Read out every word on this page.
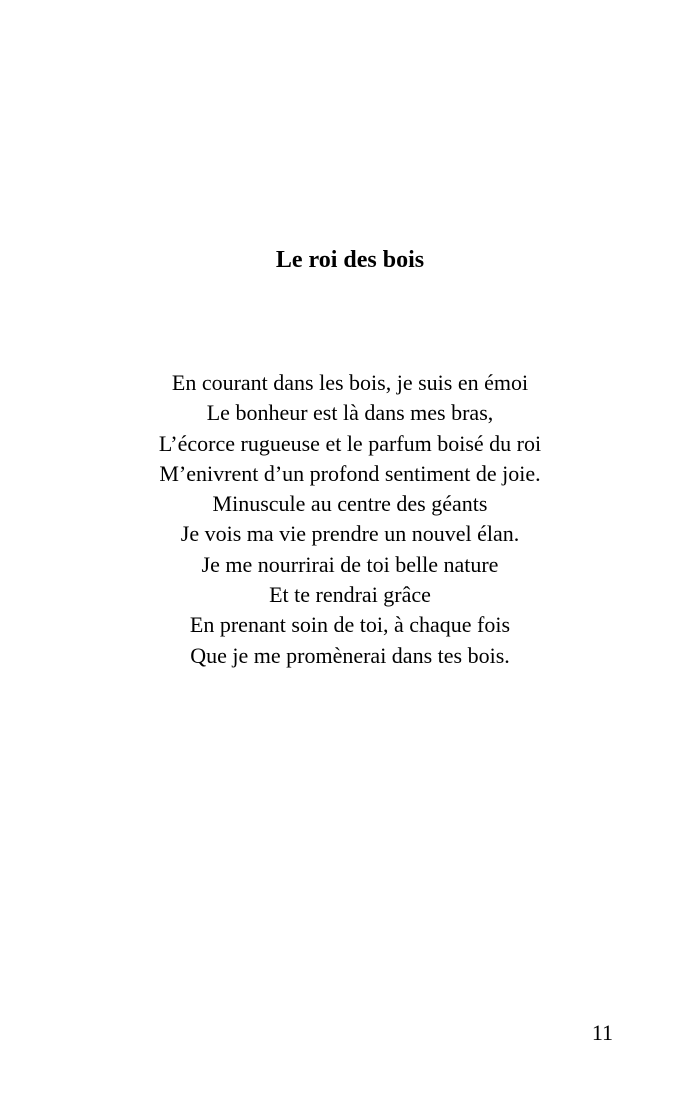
Le roi des bois
En courant dans les bois, je suis en émoi
Le bonheur est là dans mes bras,
L’écorce rugueuse et le parfum boisé du roi
M’enivrent d’un profond sentiment de joie.
Minuscule au centre des géants
Je vois ma vie prendre un nouvel élan.
Je me nourrirai de toi belle nature
Et te rendrai grâce
En prenant soin de toi, à chaque fois
Que je me promènerai dans tes bois.
11
